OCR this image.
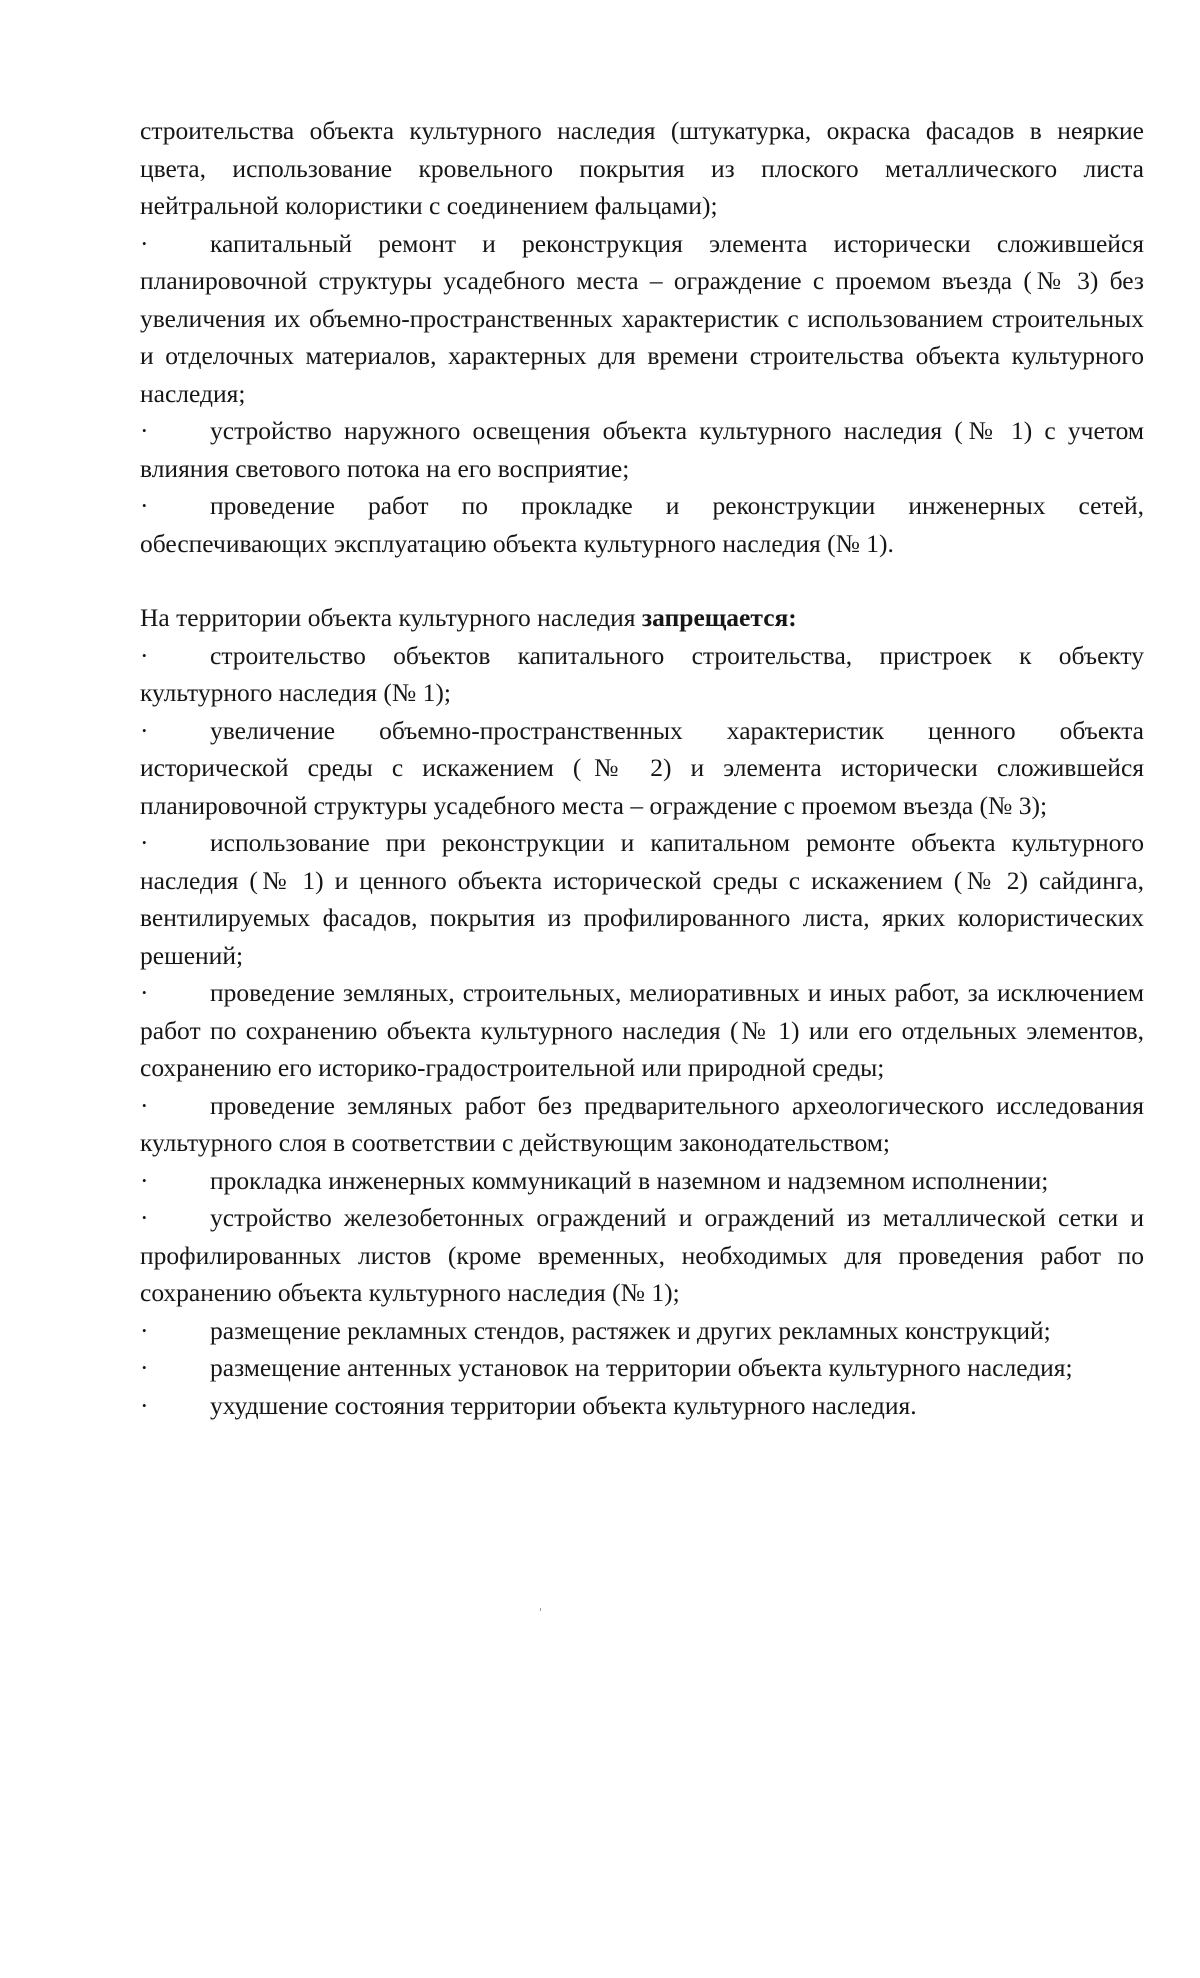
строительства объекта культурного наследия (штукатурка, окраска фасадов в неяркие цвета, использование кровельного покрытия из плоского металлического листа нейтральной колористики с соединением фальцами);

· капитальный ремонт и реконструкция элемента исторически сложившейся планировочной структуры усадебного места – ограждение с проемом въезда (№ 3) без увеличения их объемно-пространственных характеристик с использованием строительных и отделочных материалов, характерных для времени строительства объекта культурного наследия;

· устройство наружного освещения объекта культурного наследия (№ 1) с учетом влияния светового потока на его восприятие;

· проведение работ по прокладке и реконструкции инженерных сетей, обеспечивающих эксплуатацию объекта культурного наследия (№ 1).

На территории объекта культурного наследия запрещается:

· строительство объектов капитального строительства, пристроек к объекту культурного наследия (№ 1);

· увеличение объемно-пространственных характеристик ценного объекта исторической среды с искажением (№ 2) и элемента исторически сложившейся планировочной структуры усадебного места – ограждение с проемом въезда (№ 3);

· использование при реконструкции и капитальном ремонте объекта культурного наследия (№ 1) и ценного объекта исторической среды с искажением (№ 2) сайдинга, вентилируемых фасадов, покрытия из профилированного листа, ярких колористических решений;

· проведение земляных, строительных, мелиоративных и иных работ, за исключением работ по сохранению объекта культурного наследия (№ 1) или его отдельных элементов, сохранению его историко-градостроительной или природной среды;

· проведение земляных работ без предварительного археологического исследования культурного слоя в соответствии с действующим законодательством;

· прокладка инженерных коммуникаций в наземном и надземном исполнении;

· устройство железобетонных ограждений и ограждений из металлической сетки и профилированных листов (кроме временных, необходимых для проведения работ по сохранению объекта культурного наследия (№ 1);

· размещение рекламных стендов, растяжек и других рекламных конструкций;

· размещение антенных установок на территории объекта культурного наследия;

· ухудшение состояния территории объекта культурного наследия.
